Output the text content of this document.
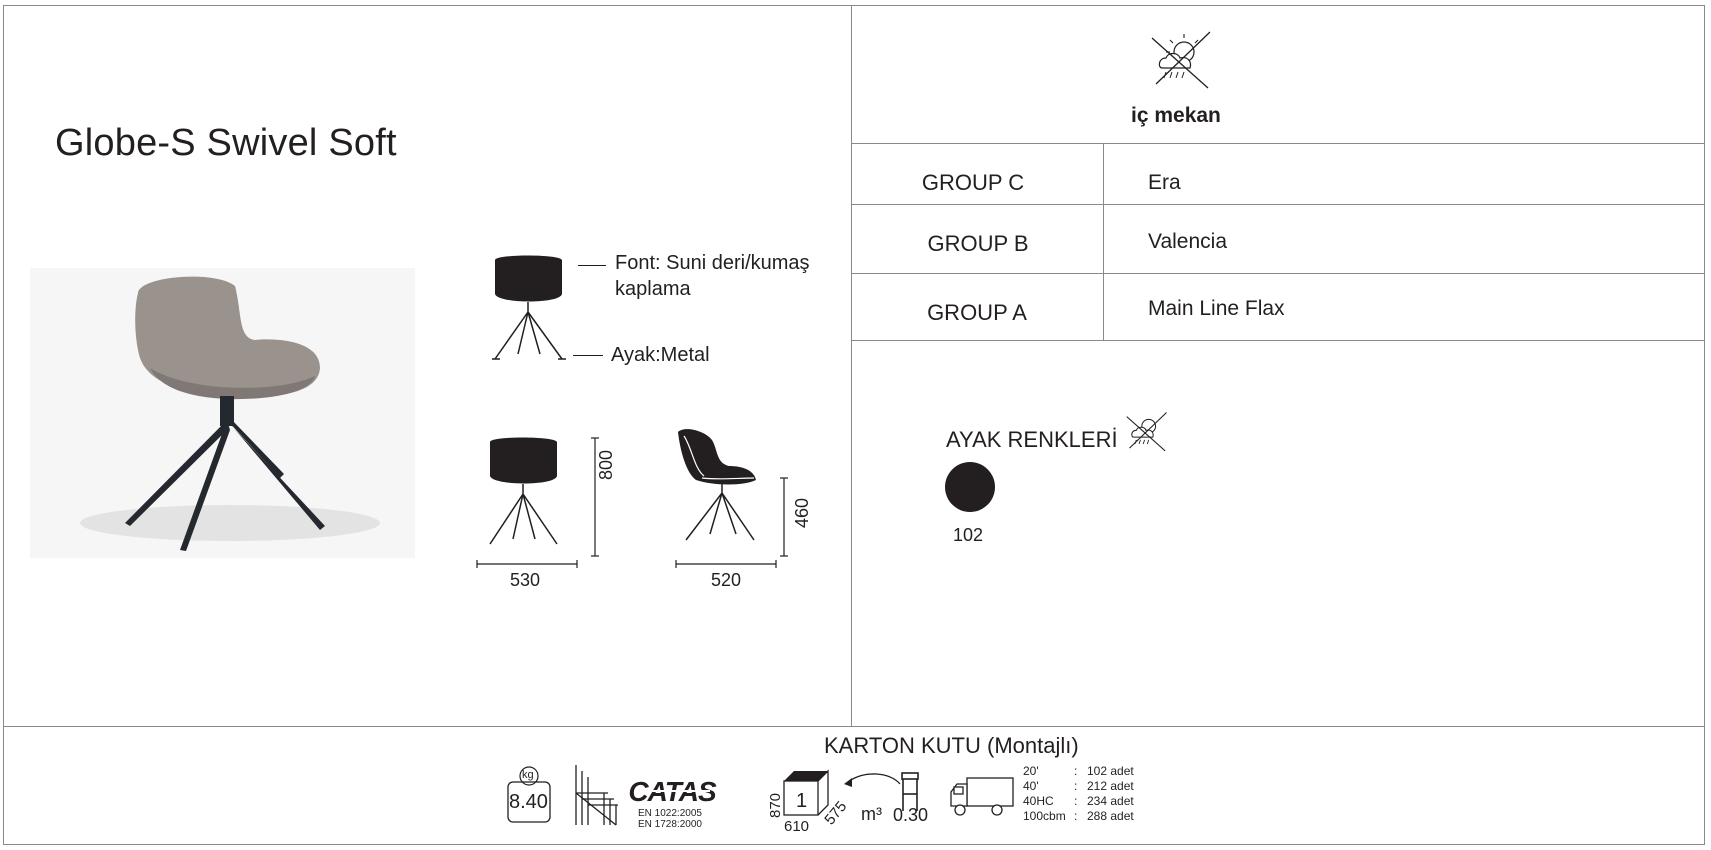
Globe-S Swivel Soft
Font: Suni deri/kumaş
kaplama
Ayak:Metal
800
530
460
520
iç mekan
GROUP C	Era
GROUP B	Valencia
GROUP A	Main Line Flax
AYAK RENKLERİ
102
KARTON KUTU (Montajlı)
kg
8.40	CATAS
EN 1022:2005
EN 1728:2000
1
870
610 575 m³ 0.30
20'	: 102 adet
40'	: 212 adet
40HC : 234 adet
100cbm : 288 adet
